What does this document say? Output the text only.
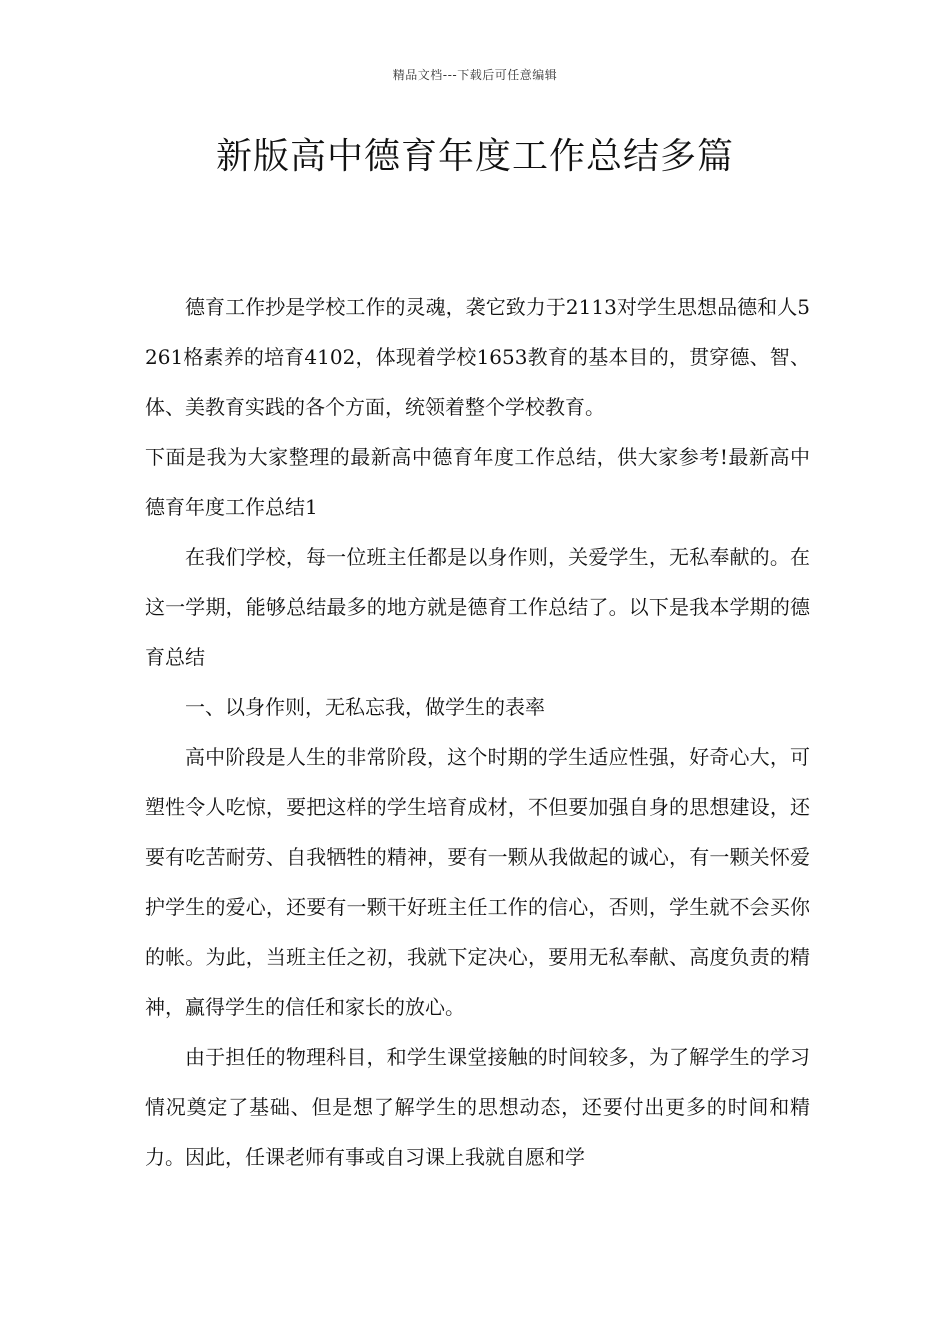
精品文档---下载后可任意编辑
新版高中德育年度工作总结多篇

德育工作抄是学校工作的灵魂，袭它致力于2113对学生思想品德和人5261格素养的培育4102，体现着学校1653教育的基本目的，贯穿德、智、体、美教育实践的各个方面，统领着整个学校教育。

下面是我为大家整理的最新高中德育年度工作总结，供大家参考!最新高中德育年度工作总结1

在我们学校，每一位班主任都是以身作则，关爱学生，无私奉献的。在这一学期，能够总结最多的地方就是德育工作总结了。以下是我本学期的德育总结

一、以身作则，无私忘我，做学生的表率

高中阶段是人生的非常阶段，这个时期的学生适应性强，好奇心大，可塑性令人吃惊，要把这样的学生培育成材，不但要加强自身的思想建设，还要有吃苦耐劳、自我牺牲的精神，要有一颗从我做起的诚心，有一颗关怀爱护学生的爱心，还要有一颗干好班主任工作的信心，否则，学生就不会买你的帐。为此，当班主任之初，我就下定决心，要用无私奉献、高度负责的精神，赢得学生的信任和家长的放心。

由于担任的物理科目，和学生课堂接触的时间较多，为了解学生的学习情况奠定了基础、但是想了解学生的思想动态，还要付出更多的时间和精力。因此，任课老师有事或自习课上我就自愿和学
